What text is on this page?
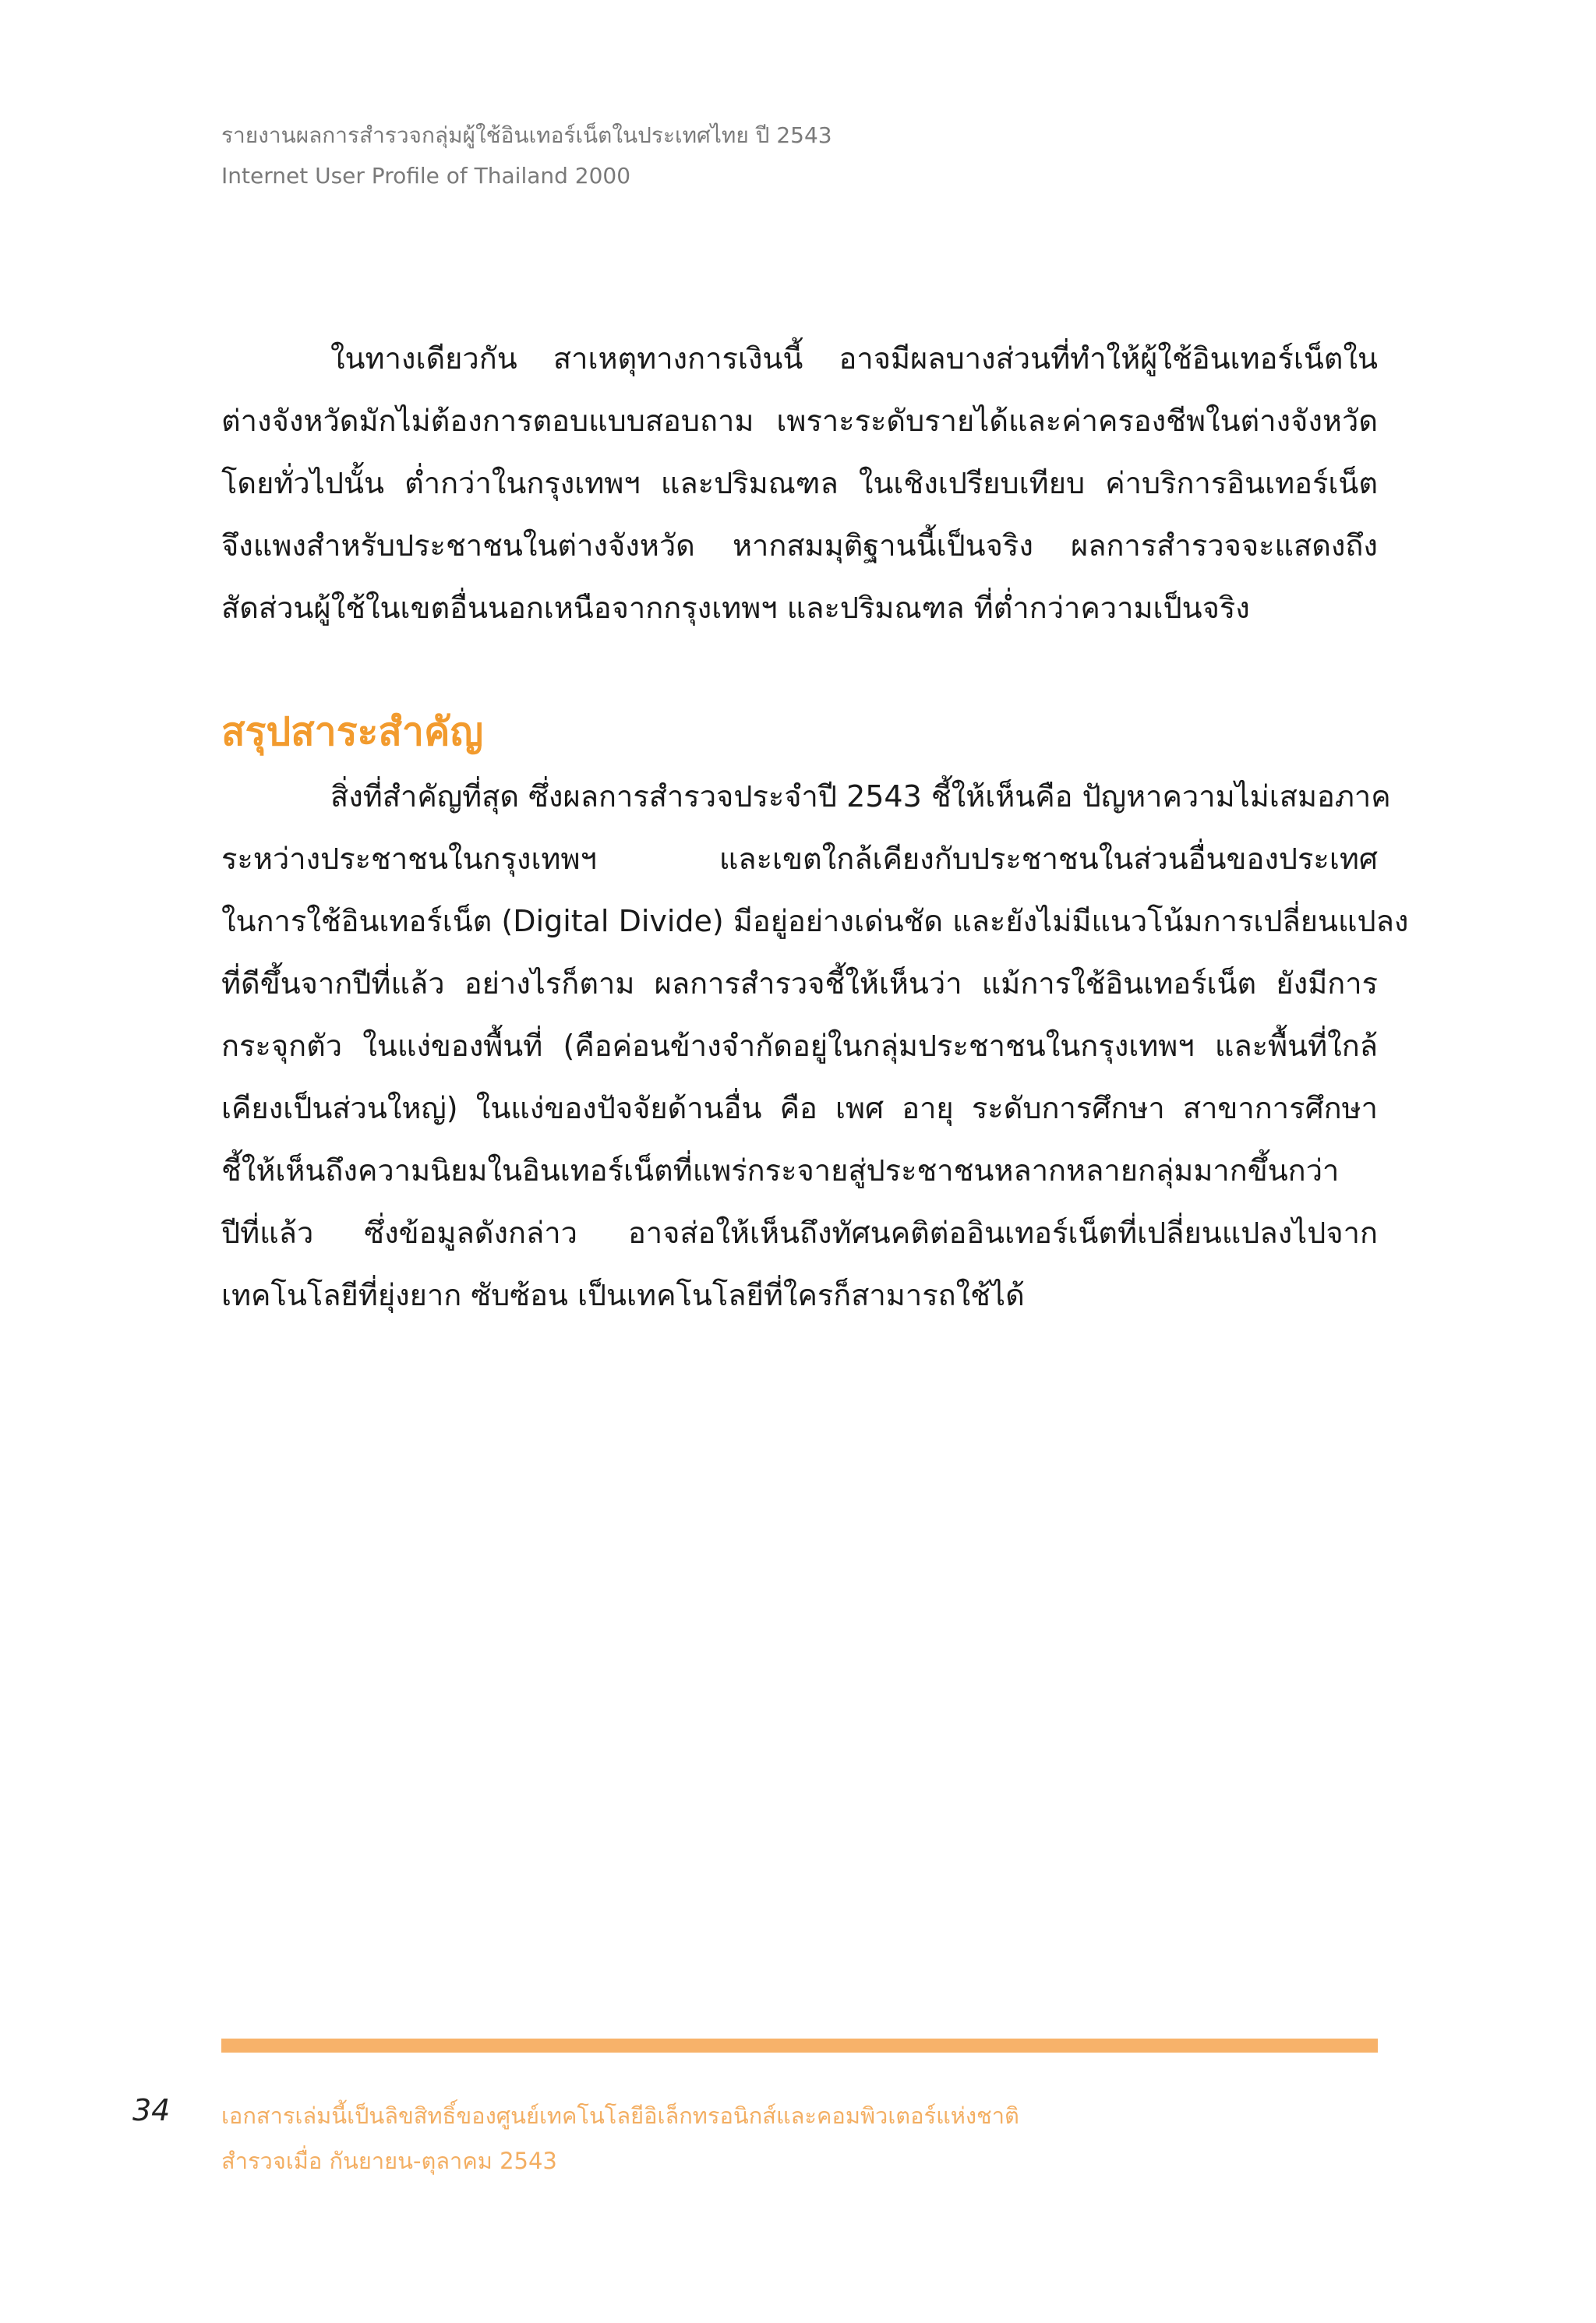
รายงานผลการสำรวจกลุ่มผู้ใช้อินเทอร์เน็ตในประเทศไทย ปี 2543
Internet User Profile of Thailand 2000
ในทางเดียวกัน สาเหตุทางการเงินนี้ อาจมีผลบางส่วนที่ทำให้ผู้ใช้อินเทอร์เน็ตใน
ต่างจังหวัดมักไม่ต้องการตอบแบบสอบถาม เพราะระดับรายได้และค่าครองชีพในต่างจังหวัด
โดยทั่วไปนั้น ต่ำกว่าในกรุงเทพฯ และปริมณฑล ในเชิงเปรียบเทียบ ค่าบริการอินเทอร์เน็ต
จึงแพงสำหรับประชาชนในต่างจังหวัด หากสมมุติฐานนี้เป็นจริง ผลการสำรวจจะแสดงถึง
สัดส่วนผู้ใช้ในเขตอื่นนอกเหนือจากกรุงเทพฯ และปริมณฑล ที่ต่ำกว่าความเป็นจริง
สรุปสาระสำคัญ
สิ่งที่สำคัญที่สุด ซึ่งผลการสำรวจประจำปี 2543 ชี้ให้เห็นคือ ปัญหาความไม่เสมอภาค
ระหว่างประชาชนในกรุงเทพฯ และเขตใกล้เคียงกับประชาชนในส่วนอื่นของประเทศ
ในการใช้อินเทอร์เน็ต (Digital Divide) มีอยู่อย่างเด่นชัด และยังไม่มีแนวโน้มการเปลี่ยนแปลง
ที่ดีขึ้นจากปีที่แล้ว อย่างไรก็ตาม ผลการสำรวจชี้ให้เห็นว่า แม้การใช้อินเทอร์เน็ต ยังมีการ
กระจุกตัว ในแง่ของพื้นที่ (คือค่อนข้างจำกัดอยู่ในกลุ่มประชาชนในกรุงเทพฯ และพื้นที่ใกล้
เคียงเป็นส่วนใหญ่) ในแง่ของปัจจัยด้านอื่น คือ เพศ อายุ ระดับการศึกษา สาขาการศึกษา
ชี้ให้เห็นถึงความนิยมในอินเทอร์เน็ตที่แพร่กระจายสู่ประชาชนหลากหลายกลุ่มมากขึ้นกว่า
ปีที่แล้ว ซึ่งข้อมูลดังกล่าว อาจส่อให้เห็นถึงทัศนคติต่ออินเทอร์เน็ตที่เปลี่ยนแปลงไปจาก
เทคโนโลยีที่ยุ่งยาก ซับซ้อน เป็นเทคโนโลยีที่ใครก็สามารถใช้ได้
34 เอกสารเล่มนี้เป็นลิขสิทธิ์ของศูนย์เทคโนโลยีอิเล็กทรอนิกส์และคอมพิวเตอร์แห่งชาติ
สำรวจเมื่อ กันยายน-ตุลาคม 2543
